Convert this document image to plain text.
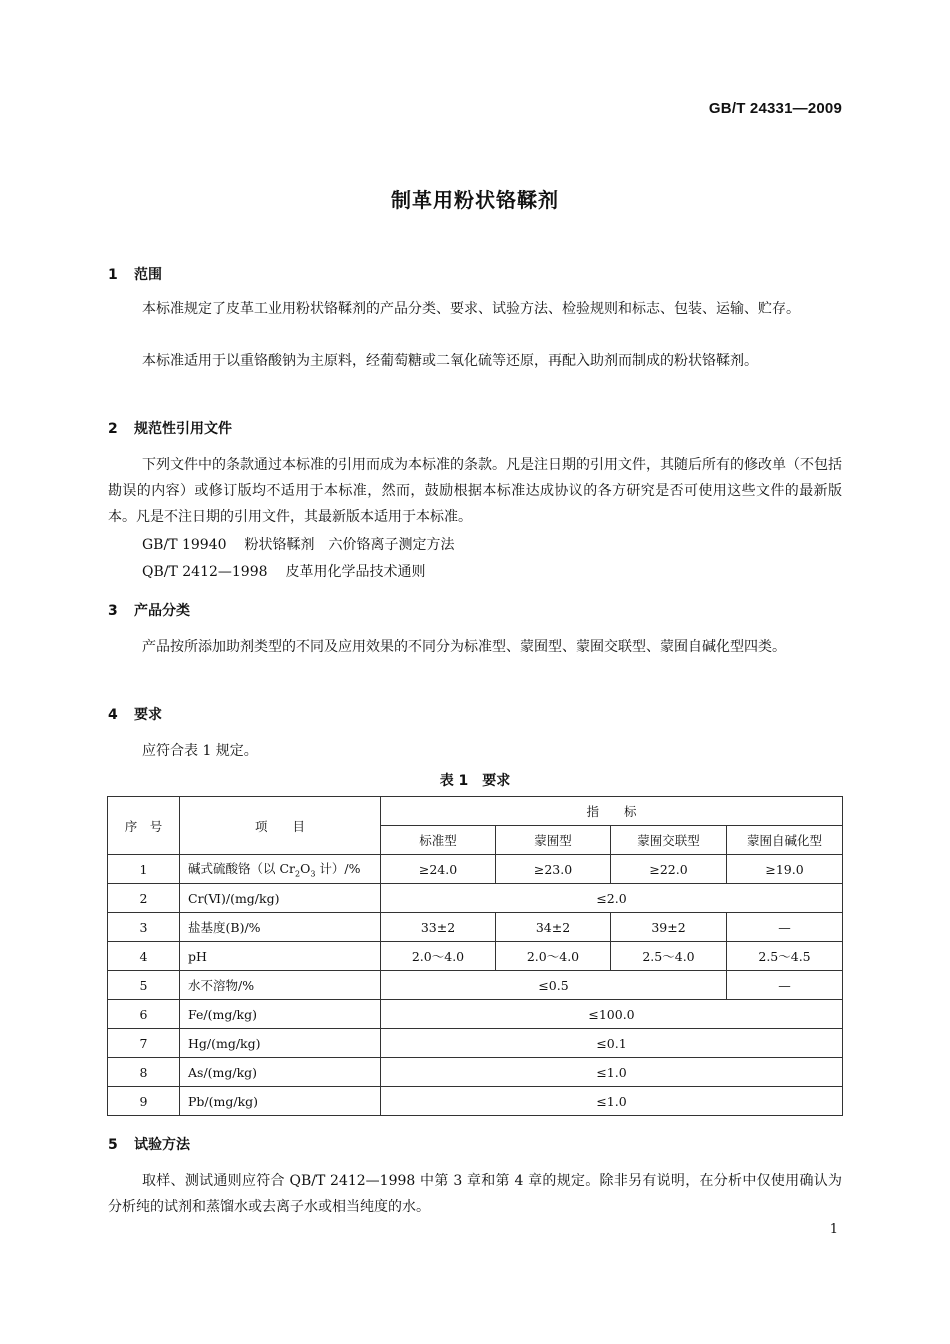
GB/T 24331—2009
制革用粉状铬鞣剂
1 范围
本标准规定了皮革工业用粉状铬鞣剂的产品分类、要求、试验方法、检验规则和标志、包装、运输、贮存。
本标准适用于以重铬酸钠为主原料，经葡萄糖或二氧化硫等还原，再配入助剂而制成的粉状铬鞣剂。
2 规范性引用文件
下列文件中的条款通过本标准的引用而成为本标准的条款。凡是注日期的引用文件，其随后所有的修改单（不包括勘误的内容）或修订版均不适用于本标准，然而，鼓励根据本标准达成协议的各方研究是否可使用这些文件的最新版本。凡是不注日期的引用文件，其最新版本适用于本标准。
GB/T 19940 粉状铬鞣剂　六价铬离子测定方法
QB/T 2412—1998 皮革用化学品技术通则
3 产品分类
产品按所添加助剂类型的不同及应用效果的不同分为标准型、蒙囿型、蒙囿交联型、蒙囿自碱化型四类。
4 要求
应符合表 1 规定。
表 1　要求
序　号	项　　目	指　　标			
		标准型	蒙囿型	蒙囿交联型	蒙囿自碱化型
1	碱式硫酸铬（以 $Cr_2O_3$ 计）/%	≥24.0	≥23.0	≥22.0	≥19.0
2	Cr(Ⅵ)/(mg/kg)	≤2.0			
3	盐基度(B)/%	33±2	34±2	39±2	—
4	pH	2.0～4.0	2.0～4.0	2.5～4.0	2.5～4.5
5	水不溶物/%	≤0.5			—
6	Fe/(mg/kg)	≤100.0			
7	Hg/(mg/kg)	≤0.1			
8	As/(mg/kg)	≤1.0			
9	Pb/(mg/kg)	≤1.0			
5 试验方法
取样、测试通则应符合 QB/T 2412—1998 中第 3 章和第 4 章的规定。除非另有说明，在分析中仅使用确认为分析纯的试剂和蒸馏水或去离子水或相当纯度的水。
1
